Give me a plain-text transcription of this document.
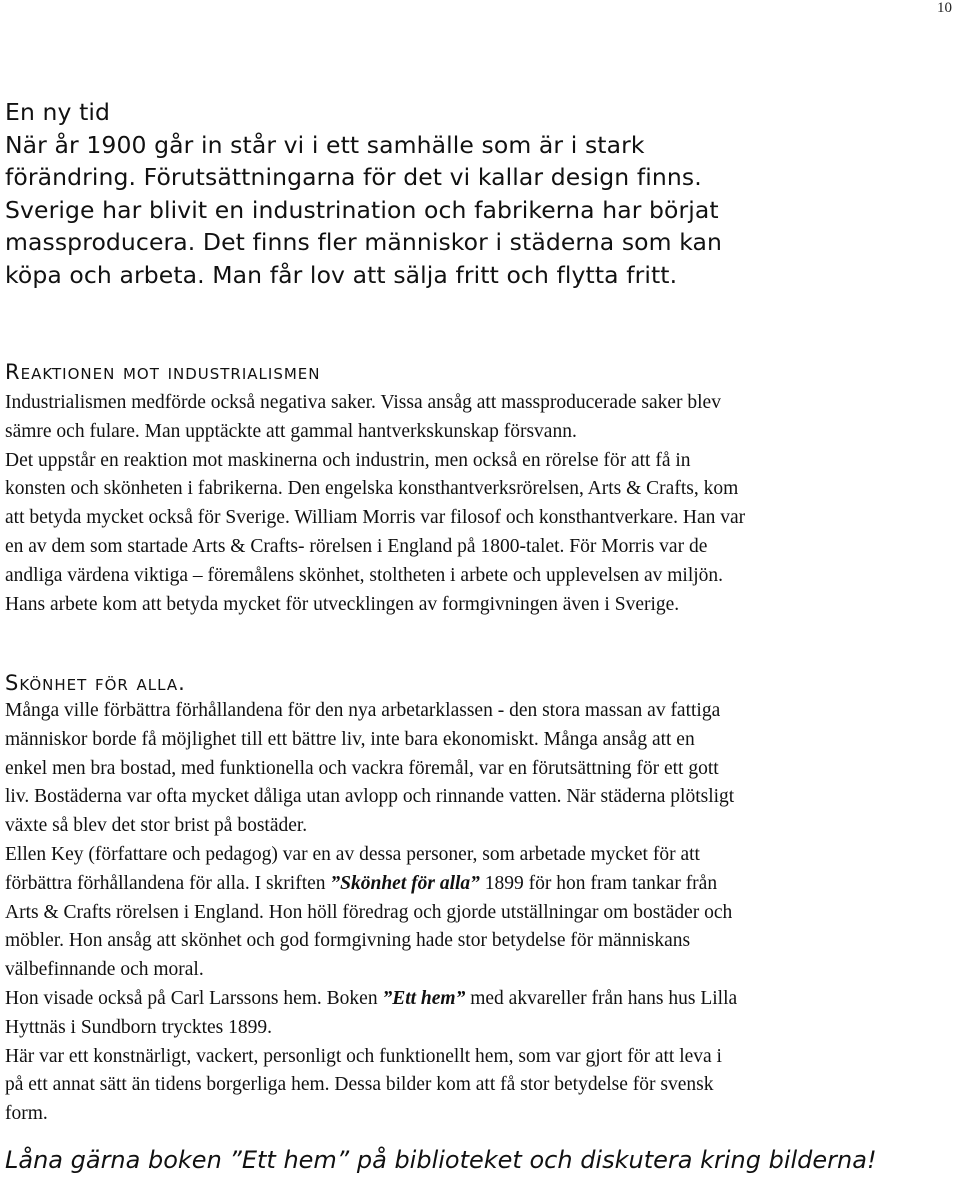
10

En ny tid

När år 1900 går in står vi i ett samhälle som är i stark

förändring. Förutsättningarna för det vi kallar design finns.

Sverige har blivit en industrination och fabrikerna har börjat

massproducera. Det finns fler människor i städerna som kan

köpa och arbeta. Man får lov att sälja fritt och flytta fritt.

Reaktionen mot industrialismen

Industrialismen medförde också negativa saker. Vissa ansåg att massproducerade saker blev

sämre och fulare. Man upptäckte att gammal hantverkskunskap försvann.

Det uppstår en reaktion mot maskinerna och industrin, men också en rörelse för att få in

konsten och skönheten i fabrikerna. Den engelska konsthantverksrörelsen, Arts & Crafts, kom

att betyda mycket också för Sverige. William Morris var filosof och konsthantverkare. Han var

en av dem som startade Arts & Crafts- rörelsen i England på 1800-talet. För Morris var de

andliga värdena viktiga – föremålens skönhet, stoltheten i arbete och upplevelsen av miljön.

Hans arbete kom att betyda mycket för utvecklingen av formgivningen även i Sverige.

Skönhet för alla.

Många ville förbättra förhållandena för den nya arbetarklassen - den stora massan av fattiga

människor borde få möjlighet till ett bättre liv, inte bara ekonomiskt. Många ansåg att en

enkel men bra bostad, med funktionella och vackra föremål, var en förutsättning för ett gott

liv. Bostäderna var ofta mycket dåliga utan avlopp och rinnande vatten. När städerna plötsligt

växte så blev det stor brist på bostäder.

Ellen Key (författare och pedagog) var en av dessa personer, som arbetade mycket för att

förbättra förhållandena för alla. I skriften ”Skönhet för alla” 1899 för hon fram tankar från

Arts & Crafts rörelsen i England. Hon höll föredrag och gjorde utställningar om bostäder och

möbler. Hon ansåg att skönhet och god formgivning hade stor betydelse för människans

välbefinnande och moral.

Hon visade också på Carl Larssons hem. Boken ”Ett hem” med akvareller från hans hus Lilla

Hyttnäs i Sundborn trycktes 1899.

Här var ett konstnärligt, vackert, personligt och funktionellt hem, som var gjort för att leva i

på ett annat sätt än tidens borgerliga hem. Dessa bilder kom att få stor betydelse för svensk

form.

Låna gärna boken ”Ett hem” på biblioteket och diskutera kring bilderna!
